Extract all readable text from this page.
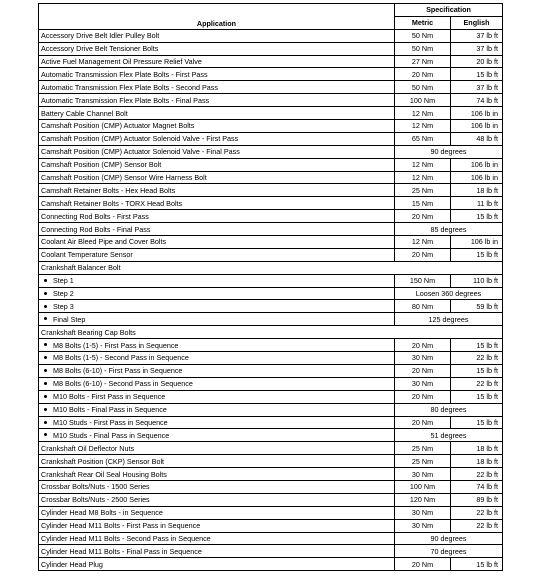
Application	Specification	
	Metric	English
Accessory Drive Belt Idler Pulley Bolt	50 Nm	37 lb ft
Accessory Drive Belt Tensioner Bolts	50 Nm	37 lb ft
Active Fuel Management Oil Pressure Relief Valve	27 Nm	20 lb ft
Automatic Transmission Flex Plate Bolts - First Pass	20 Nm	15 lb ft
Automatic Transmission Flex Plate Bolts - Second Pass	50 Nm	37 lb ft
Automatic Transmission Flex Plate Bolts - Final Pass	100 Nm	74 lb ft
Battery Cable Channel Bolt	12 Nm	106 lb in
Camshaft Position (CMP) Actuator Magnet Bolts	12 Nm	106 lb in
Camshaft Position (CMP) Actuator Solenoid Valve - First Pass	65 Nm	48 lb ft
Camshaft Position (CMP) Actuator Solenoid Valve - Final Pass	90 degrees	
Camshaft Position (CMP) Sensor Bolt	12 Nm	106 lb in
Camshaft Position (CMP) Sensor Wire Harness Bolt	12 Nm	106 lb in
Camshaft Retainer Bolts - Hex Head Bolts	25 Nm	18 lb ft
Camshaft Retainer Bolts - TORX Head Bolts	15 Nm	11 lb ft
Connecting Rod Bolts - First Pass	20 Nm	15 lb ft
Connecting Rod Bolts - Final Pass	85 degrees	
Coolant Air Bleed Pipe and Cover Bolts	12 Nm	106 lb in
Coolant Temperature Sensor	20 Nm	15 lb ft
Crankshaft Balancer Bolt		
Step 1	150 Nm	110 lb ft
Step 2	Loosen 360 degrees	
Step 3	80 Nm	59 lb ft
Final Step	125 degrees	
Crankshaft Bearing Cap Bolts		
M8 Bolts (1-5) - First Pass in Sequence	20 Nm	15 lb ft
M8 Bolts (1-5) - Second Pass in Sequence	30 Nm	22 lb ft
M8 Bolts (6-10) - First Pass in Sequence	20 Nm	15 lb ft
M8 Bolts (6-10) - Second Pass in Sequence	30 Nm	22 lb ft
M10 Bolts - First Pass in Sequence	20 Nm	15 lb ft
M10 Bolts - Final Pass in Sequence	80 degrees	
M10 Studs - First Pass in Sequence	20 Nm	15 lb ft
M10 Studs - Final Pass in Sequence	51 degrees	
Crankshaft Oil Deflector Nuts	25 Nm	18 lb ft
Crankshaft Position (CKP) Sensor Bolt	25 Nm	18 lb ft
Crankshaft Rear Oil Seal Housing Bolts	30 Nm	22 lb ft
Crossbar Bolts/Nuts - 1500 Series	100 Nm	74 lb ft
Crossbar Bolts/Nuts - 2500 Series	120 Nm	89 lb ft
Cylinder Head M8 Bolts - in Sequence	30 Nm	22 lb ft
Cylinder Head M11 Bolts - First Pass in Sequence	30 Nm	22 lb ft
Cylinder Head M11 Bolts - Second Pass in Sequence	90 degrees	
Cylinder Head M11 Bolts - Final Pass in Sequence	70 degrees	
Cylinder Head Plug	20 Nm	15 lb ft
